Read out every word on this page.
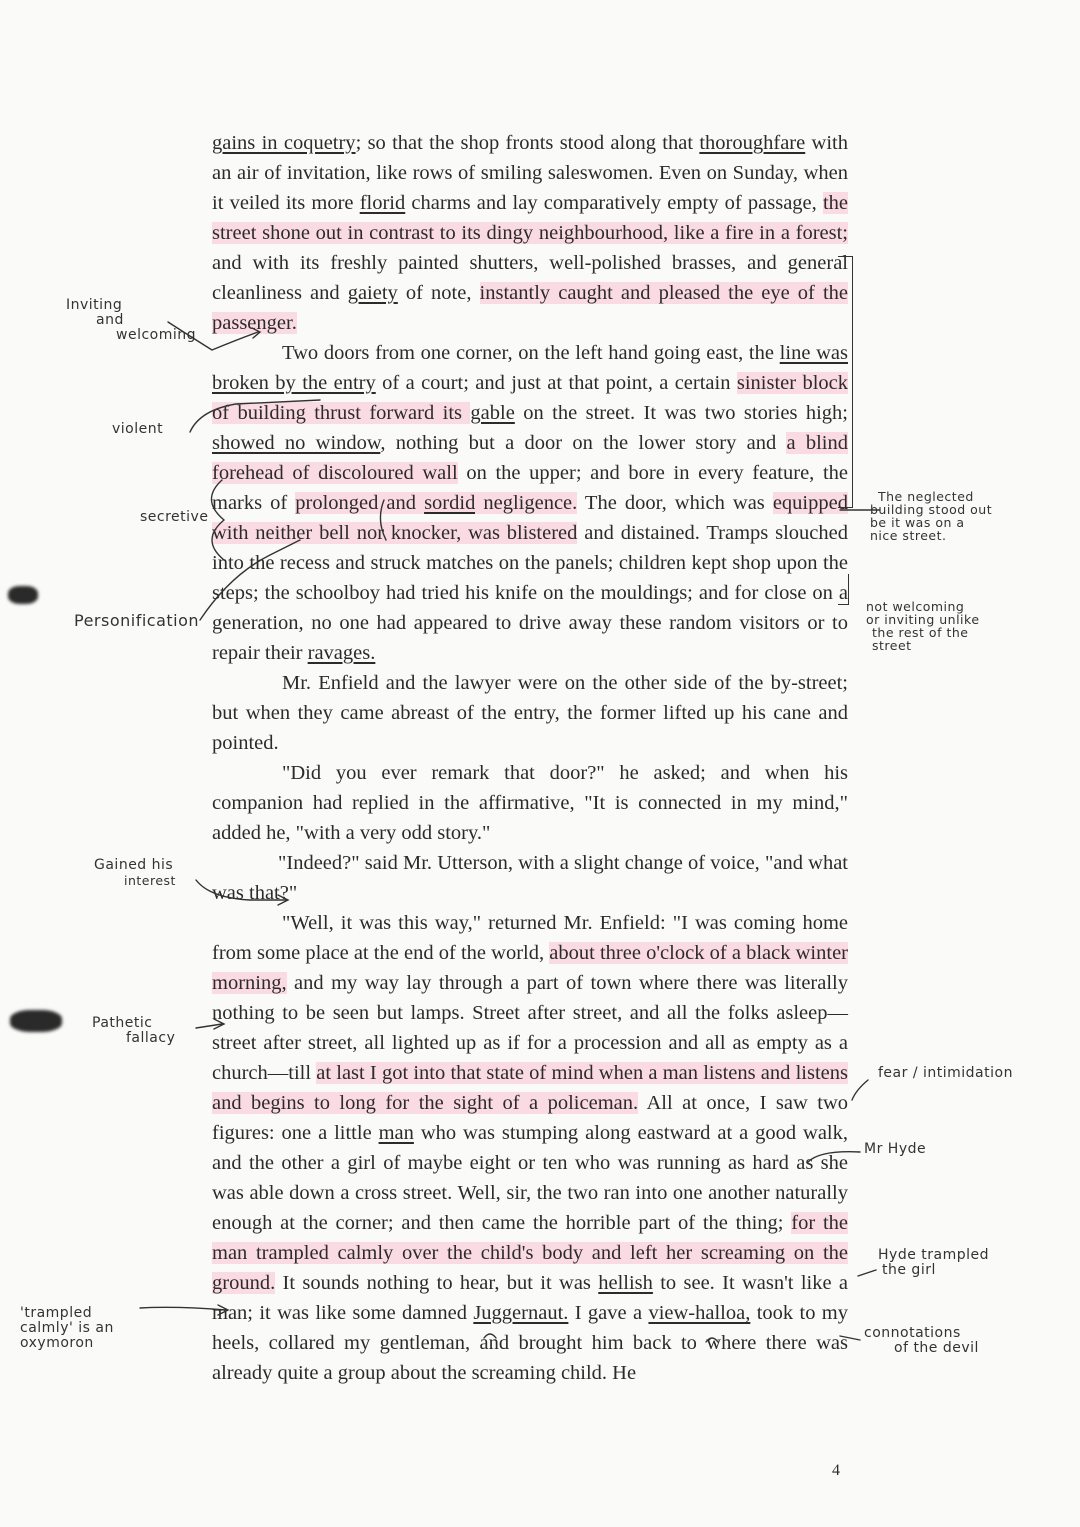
gains in coquetry; so that the shop fronts stood along that thoroughfare with an air of invitation, like rows of smiling saleswomen. Even on Sunday, when it veiled its more florid charms and lay comparatively empty of passage, the street shone out in contrast to its dingy neighbourhood, like a fire in a forest; and with its freshly painted shutters, well-polished brasses, and general cleanliness and gaiety of note, instantly caught and pleased the eye of the passenger.

Two doors from one corner, on the left hand going east, the line was broken by the entry of a court; and just at that point, a certain sinister block of building thrust forward its gable on the street. It was two stories high; showed no window, nothing but a door on the lower story and a blind forehead of discoloured wall on the upper; and bore in every feature, the marks of prolonged and sordid negligence. The door, which was equipped with neither bell nor knocker, was blistered and distained. Tramps slouched into the recess and struck matches on the panels; children kept shop upon the steps; the schoolboy had tried his knife on the mouldings; and for close on a generation, no one had appeared to drive away these random visitors or to repair their ravages.

Mr. Enfield and the lawyer were on the other side of the by-street; but when they came abreast of the entry, the former lifted up his cane and pointed.

"Did you ever remark that door?" he asked; and when his companion had replied in the affirmative, "It is connected in my mind," added he, "with a very odd story."

"Indeed?" said Mr. Utterson, with a slight change of voice, "and what was that?"

"Well, it was this way," returned Mr. Enfield: "I was coming home from some place at the end of the world, about three o'clock of a black winter morning, and my way lay through a part of town where there was literally nothing to be seen but lamps. Street after street, and all the folks asleep—street after street, all lighted up as if for a procession and all as empty as a church—till at last I got into that state of mind when a man listens and listens and begins to long for the sight of a policeman. All at once, I saw two figures: one a little man who was stumping along eastward at a good walk, and the other a girl of maybe eight or ten who was running as hard as she was able down a cross street. Well, sir, the two ran into one another naturally enough at the corner; and then came the horrible part of the thing; for the man trampled calmly over the child's body and left her screaming on the ground. It sounds nothing to hear, but it was hellish to see. It wasn't like a man; it was like some damned Juggernaut. I gave a view-halloa, took to my heels, collared my gentleman, and brought him back to where there was already quite a group about the screaming child. He

4
Inviting
and
welcoming
violent
secretive
Personification
The neglected
building stood out
be it was on a
nice street.
not welcoming
or inviting unlike
the rest of the
street
Gained his
interest
Pathetic
fallacy
fear / intimidation
Mr Hyde
Hyde trampled
the girl
connotations
of the devil
'trampled
calmly' is an
oxymoron
